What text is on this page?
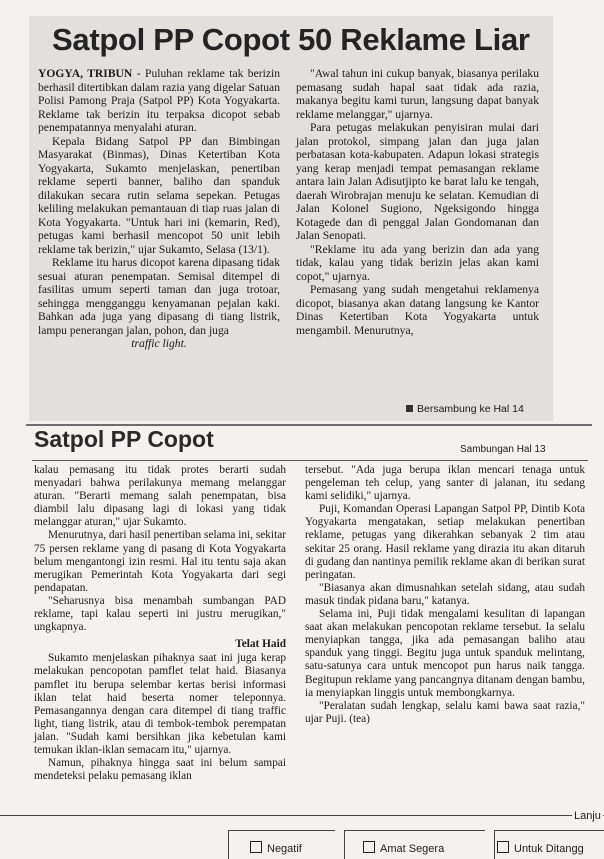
Satpol PP Copot 50 Reklame Liar

YOGYA, TRIBUN - Puluhan reklame tak berizin berhasil ditertibkan dalam razia yang digelar Satuan Polisi Pamong Praja (Satpol PP) Kota Yogyakarta. Reklame tak berizin itu terpaksa dicopot sebab penempatannya menyalahi aturan.

Kepala Bidang Satpol PP dan Bimbingan Masyarakat (Binmas), Dinas Ketertiban Kota Yogyakarta, Sukamto menjelaskan, penertiban reklame seperti banner, baliho dan spanduk dilakukan secara rutin selama sepekan. Petugas keliling melakukan pemantauan di tiap ruas jalan di Kota Yogyakarta. "Untuk hari ini (kemarin, Red), petugas kami berhasil mencopot 50 unit lebih reklame tak berizin," ujar Sukamto, Selasa (13/1).

Reklame itu harus dicopot karena dipasang tidak sesuai aturan penempatan. Semisal ditempel di fasilitas umum seperti taman dan juga trotoar, sehingga mengganggu kenyamanan pejalan kaki. Bahkan ada juga yang dipasang di tiang listrik, lampu penerangan jalan, pohon, dan juga

traffic light.

"Awal tahun ini cukup banyak, biasanya perilaku pemasang sudah hapal saat tidak ada razia, makanya begitu kami turun, langsung dapat banyak reklame melanggar," ujarnya.

Para petugas melakukan penyisiran mulai dari jalan protokol, simpang jalan dan juga jalan perbatasan kota-kabupaten. Adapun lokasi strategis yang kerap menjadi tempat pemasangan reklame antara lain Jalan Adisutjipto ke barat lalu ke tengah, daerah Wirobrajan menuju ke selatan. Kemudian di Jalan Kolonel Sugiono, Ngeksigondo hingga Kotagede dan di penggal Jalan Gondomanan dan Jalan Senopati.

"Reklame itu ada yang berizin dan ada yang tidak, kalau yang tidak berizin jelas akan kami copot," ujarnya.

Pemasang yang sudah mengetahui reklamenya dicopot, biasanya akan datang langsung ke Kantor Dinas Ketertiban Kota Yogyakarta untuk mengambil. Menurutnya,

Bersambung ke Hal 14
Satpol PP Copot	Sambungan Hal 13

kalau pemasang itu tidak protes berarti sudah menyadari bahwa perilakunya memang melanggar aturan. "Berarti memang salah penempatan, bisa diambil lalu dipasang lagi di lokasi yang tidak melanggar aturan," ujar Sukamto.

Menurutnya, dari hasil penertiban selama ini, sekitar 75 persen reklame yang di pasang di Kota Yogyakarta belum mengantongi izin resmi. Hal itu tentu saja akan merugikan Pemerintah Kota Yogyakarta dari segi pendapatan.

"Seharusnya bisa menambah sumbangan PAD reklame, tapi kalau seperti ini justru merugikan," ungkapnya.

Telat Haid

Sukamto menjelaskan pihaknya saat ini juga kerap melakukan pencopotan pamflet telat haid. Biasanya pamflet itu berupa selembar kertas berisi informasi iklan telat haid beserta nomer teleponnya. Pemasangannya dengan cara ditempel di tiang traffic light, tiang listrik, atau di tembok-tembok perempatan jalan. "Sudah kami bersihkan jika kebetulan kami temukan iklan-iklan semacam itu," ujarnya.

Namun, pihaknya hingga saat ini belum sampai mendeteksi pelaku pemasang iklan

tersebut. "Ada juga berupa iklan mencari tenaga untuk pengeleman teh celup, yang santer di jalanan, itu sedang kami selidiki," ujarnya.

Puji, Komandan Operasi Lapangan Satpol PP, Dintib Kota Yogyakarta mengatakan, setiap melakukan penertiban reklame, petugas yang dikerahkan sebanyak 2 tim atau sekitar 25 orang. Hasil reklame yang dirazia itu akan ditaruh di gudang dan nantinya pemilik reklame akan di berikan surat peringatan.

"Biasanya akan dimusnahkan setelah sidang, atau sudah masuk tindak pidana baru," katanya.

Selama ini, Puji tidak mengalami kesulitan di lapangan saat akan melakukan pencopotan reklame tersebut. Ia selalu menyiapkan tangga, jika ada pemasangan baliho atau spanduk yang tinggi. Begitu juga untuk spanduk melintang, satu-satunya cara untuk mencopot pun harus naik tangga. Begitupun reklame yang pancangnya ditanam dengan bambu, ia menyiapkan linggis untuk membongkarnya.

"Peralatan sudah lengkap, selalu kami bawa saat razia," ujar Puji. (tea)

Lanju
Negatif	Amat Segera	Untuk Ditangg
